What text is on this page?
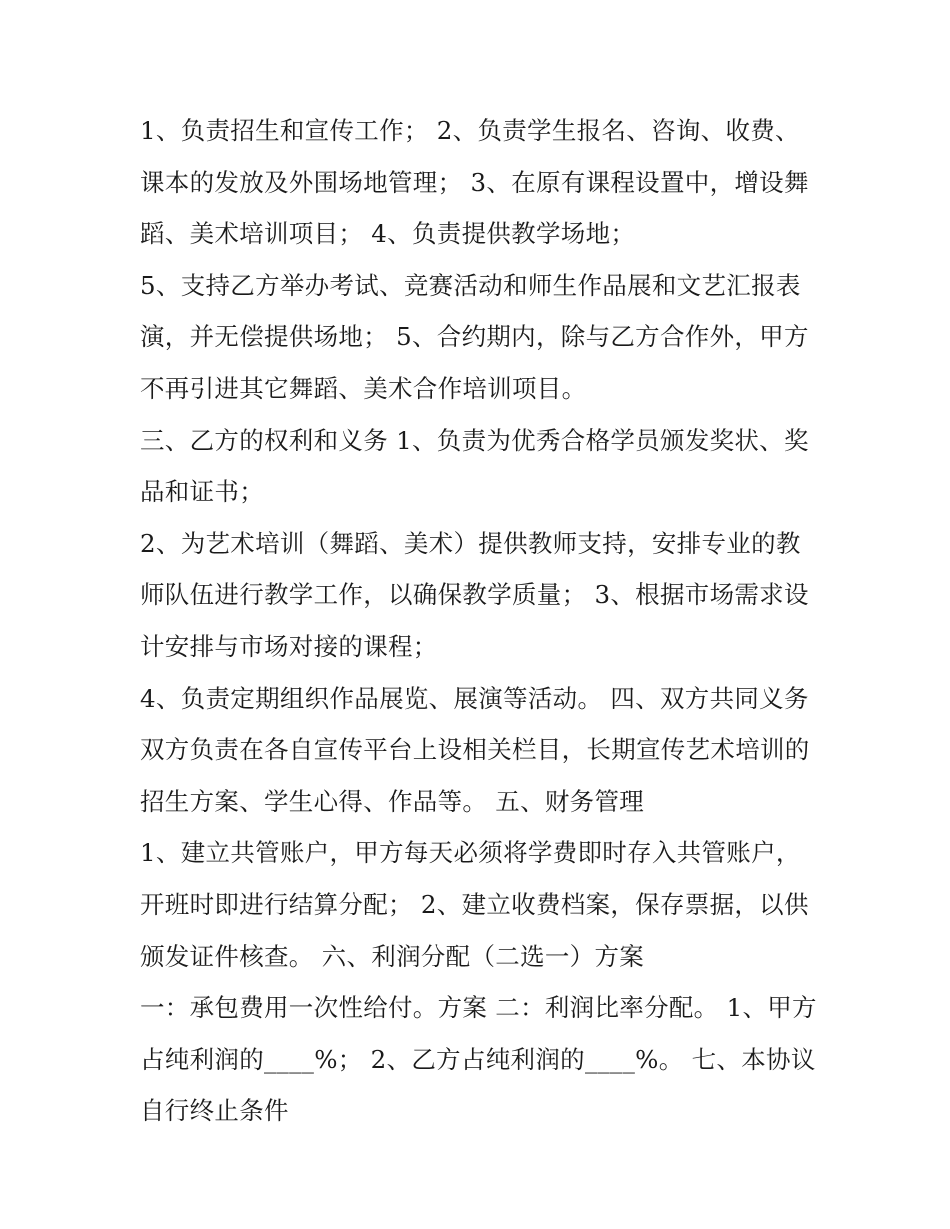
1、负责招生和宣传工作； 2、负责学生报名、咨询、收费、
课本的发放及外围场地管理； 3、在原有课程设置中，增设舞
蹈、美术培训项目； 4、负责提供教学场地；
5、支持乙方举办考试、竞赛活动和师生作品展和文艺汇报表
演，并无偿提供场地； 5、合约期内，除与乙方合作外，甲方
不再引进其它舞蹈、美术合作培训项目。
三、乙方的权利和义务 1、负责为优秀合格学员颁发奖状、奖
品和证书；
2、为艺术培训（舞蹈、美术）提供教师支持，安排专业的教
师队伍进行教学工作，以确保教学质量； 3、根据市场需求设
计安排与市场对接的课程；
4、负责定期组织作品展览、展演等活动。 四、双方共同义务
双方负责在各自宣传平台上设相关栏目，长期宣传艺术培训的
招生方案、学生心得、作品等。 五、财务管理
1、建立共管账户，甲方每天必须将学费即时存入共管账户，
开班时即进行结算分配； 2、建立收费档案，保存票据，以供
颁发证件核查。 六、利润分配（二选一）方案
一：承包费用一次性给付。方案 二：利润比率分配。 1、甲方
占纯利润的____%； 2、乙方占纯利润的____%。 七、本协议
自行终止条件
